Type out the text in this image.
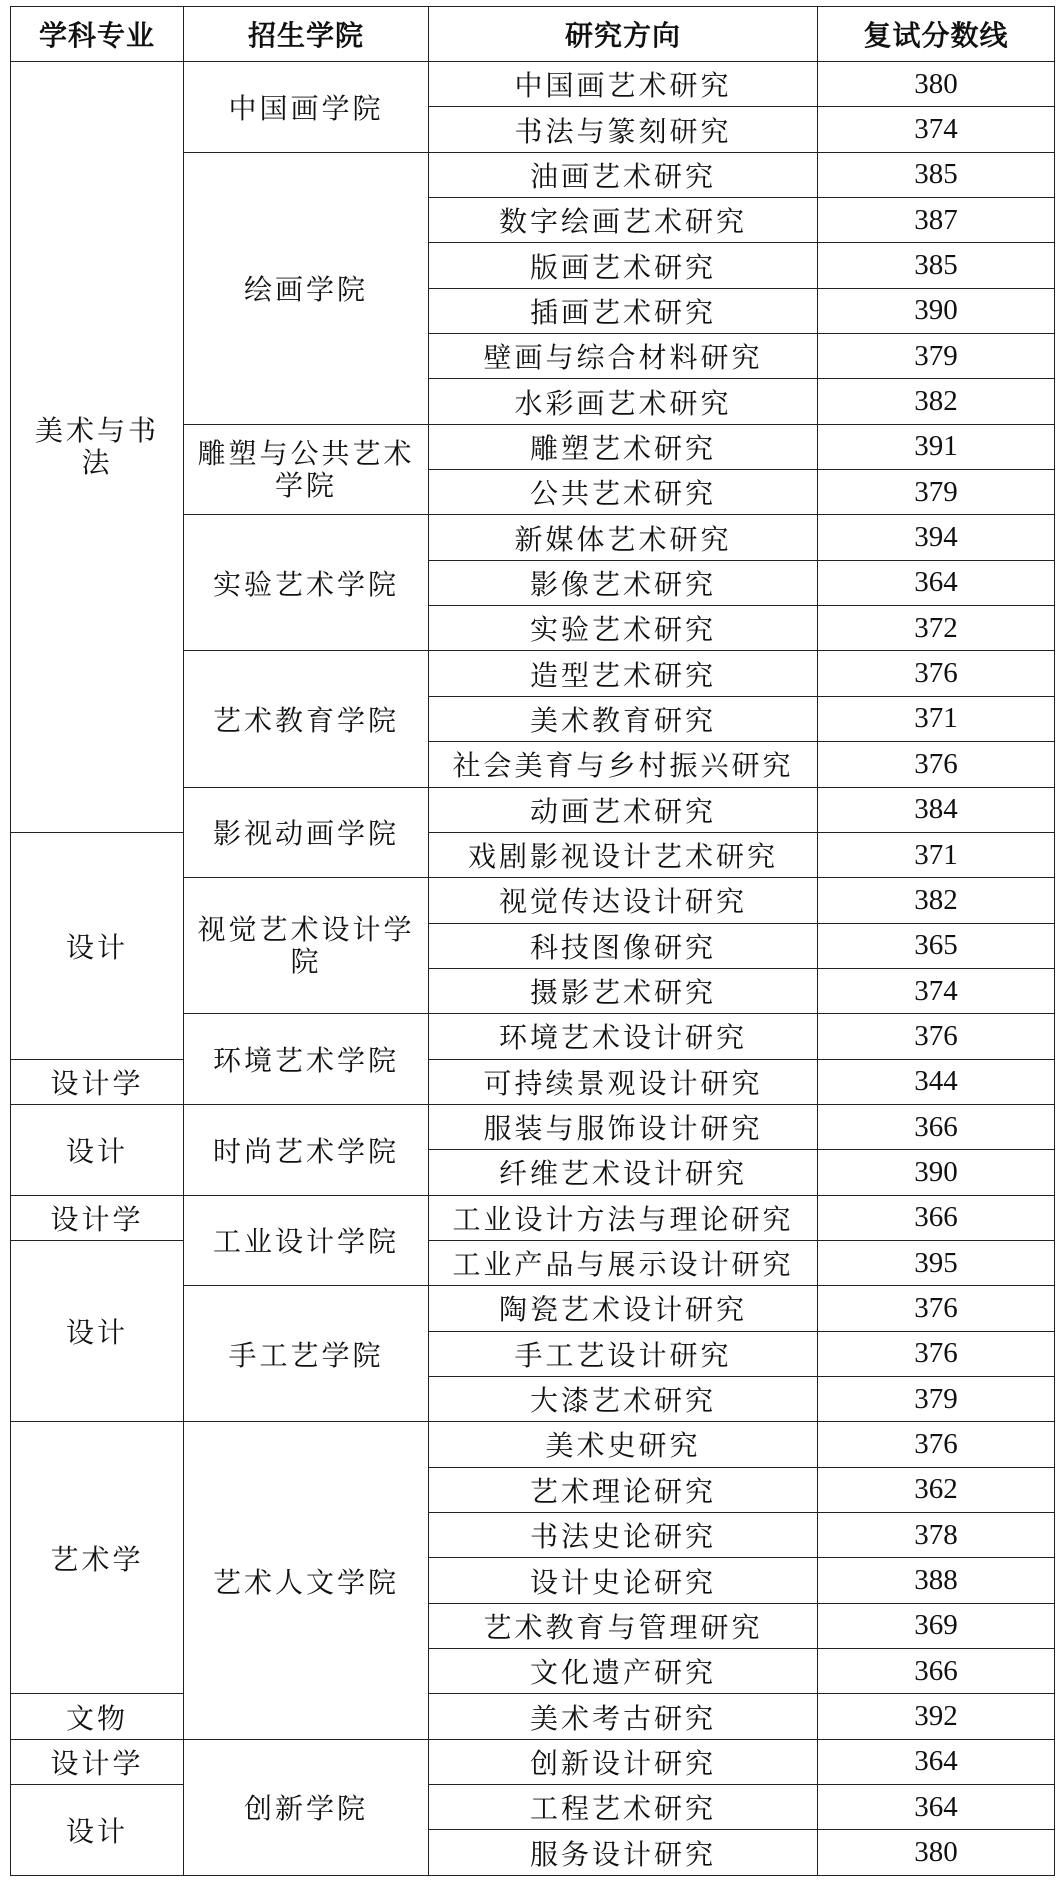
学科专业	招生学院	研究方向	复试分数线
美术与书法	中国画学院	中国画艺术研究	380
		书法与篆刻研究	374
	绘画学院	油画艺术研究	385
		数字绘画艺术研究	387
		版画艺术研究	385
		插画艺术研究	390
		壁画与综合材料研究	379
		水彩画艺术研究	382
	雕塑与公共艺术学院	雕塑艺术研究	391
		公共艺术研究	379
	实验艺术学院	新媒体艺术研究	394
		影像艺术研究	364
		实验艺术研究	372
	艺术教育学院	造型艺术研究	376
		美术教育研究	371
		社会美育与乡村振兴研究	376
	影视动画学院	动画艺术研究	384
设计		戏剧影视设计艺术研究	371
	视觉艺术设计学院	视觉传达设计研究	382
		科技图像研究	365
		摄影艺术研究	374
	环境艺术学院	环境艺术设计研究	376
设计学		可持续景观设计研究	344
设计	时尚艺术学院	服装与服饰设计研究	366
		纤维艺术设计研究	390
设计学	工业设计学院	工业设计方法与理论研究	366
设计		工业产品与展示设计研究	395
	手工艺学院	陶瓷艺术设计研究	376
		手工艺设计研究	376
		大漆艺术研究	379
艺术学	艺术人文学院	美术史研究	376
		艺术理论研究	362
		书法史论研究	378
		设计史论研究	388
		艺术教育与管理研究	369
		文化遗产研究	366
文物		美术考古研究	392
设计学	创新学院	创新设计研究	364
设计		工程艺术研究	364
		服务设计研究	380
